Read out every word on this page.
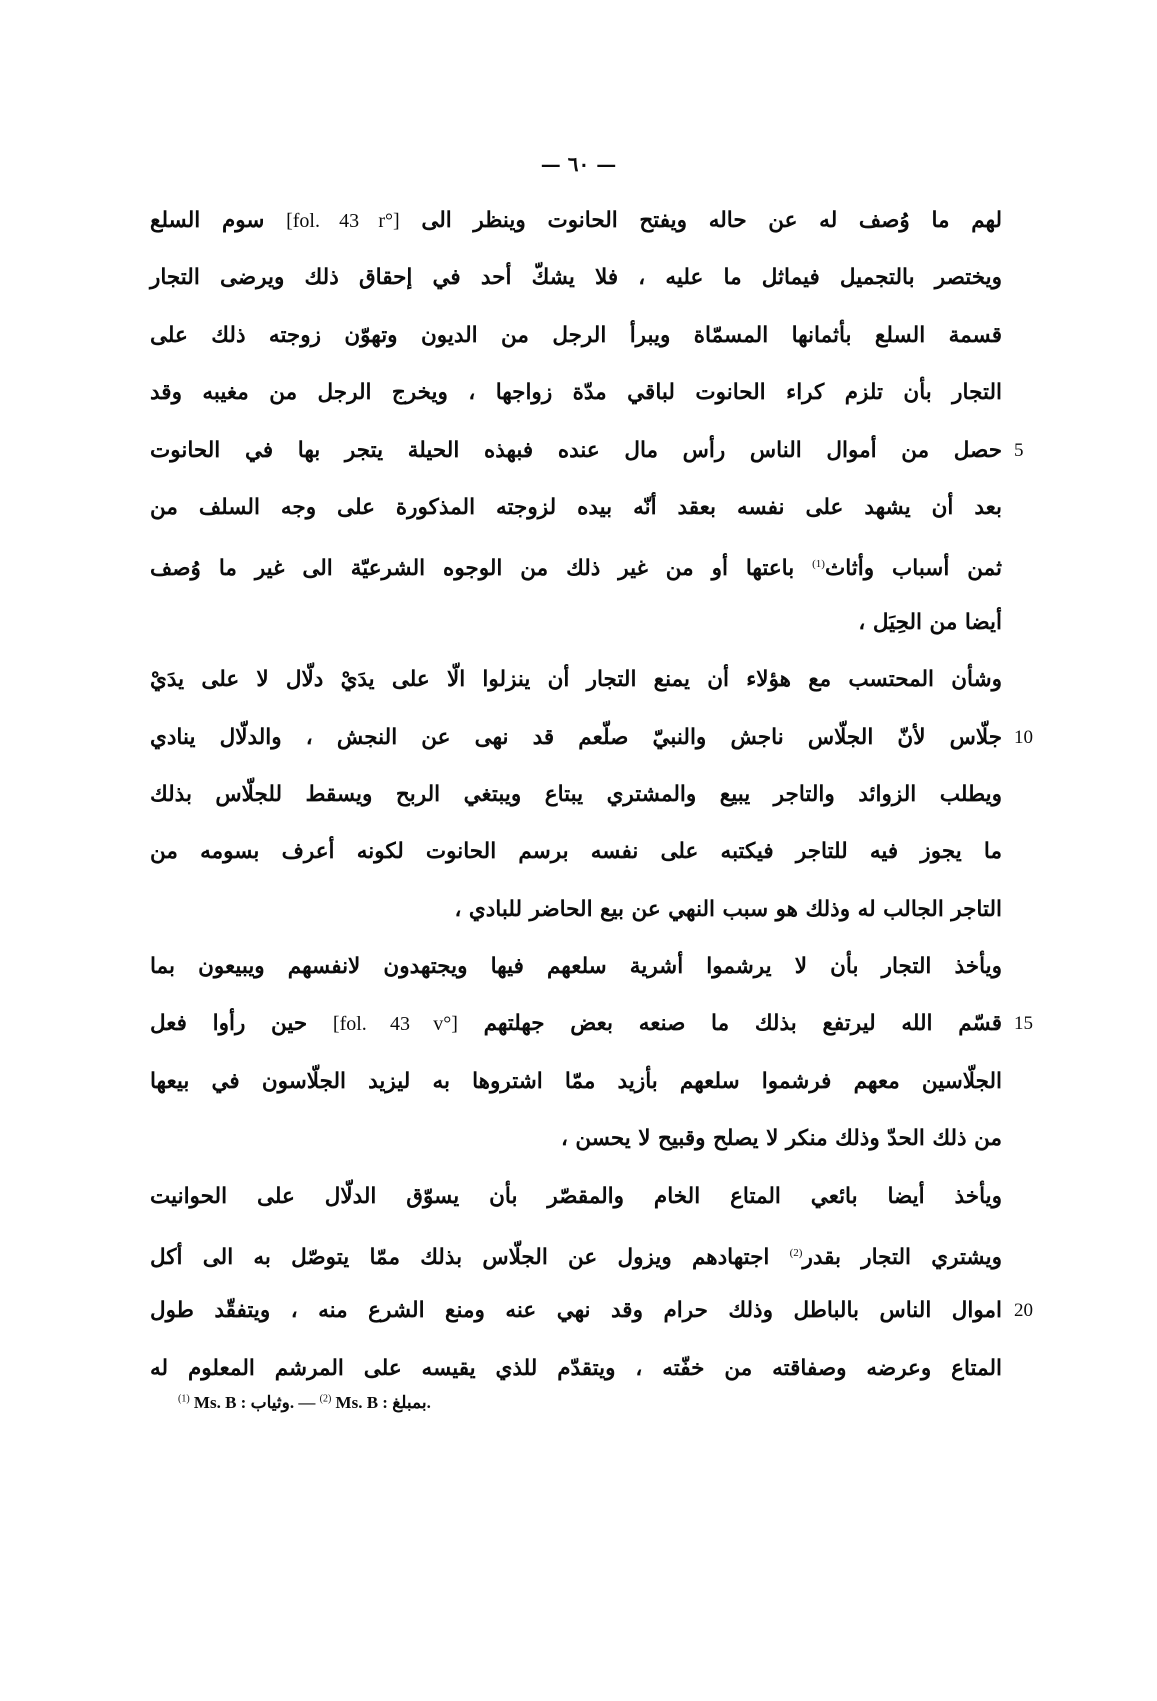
— ٦٠ —
لهم ما وُصف له عن حاله ويفتح الحانوت وينظر الى [fol. 43 r°] سوم السلع
ويختصر بالتجميل فيماثل ما عليه ، فلا يشكّ أحد في إحقاق ذلك ويرضى التجار
قسمة السلع بأثمانها المسمّاة ويبرأ الرجل من الديون وتهوّن زوجته ذلك على
التجار بأن تلزم كراء الحانوت لباقي مدّة زواجها ، ويخرج الرجل من مغيبه وقد
حصل من أموال الناس رأس مال عنده فبهذه الحيلة يتجر بها في الحانوت 5
بعد أن يشهد على نفسه بعقد أنّه بيده لزوجته المذكورة على وجه السلف من
ثمن أسباب وأثاث$^{(1)}$ باعتها أو من غير ذلك من الوجوه الشرعيّة الى غير ما وُصف
أيضا من الحِيَل ،
وشأن المحتسب مع هؤلاء أن يمنع التجار أن ينزلوا الّا على يدَيْ دلّال لا على يدَيْ
جلّاس لأنّ الجلّاس ناجش والنبيّ صلّعم قد نهى عن النجش ، والدلّال ينادي 10
ويطلب الزوائد والتاجر يبيع والمشتري يبتاع ويبتغي الربح ويسقط للجلّاس بذلك
ما يجوز فيه للتاجر فيكتبه على نفسه برسم الحانوت لكونه أعرف بسومه من
التاجر الجالب له وذلك هو سبب النهي عن بيع الحاضر للبادي ،
ويأخذ التجار بأن لا يرشموا أشرية سلعهم فيها ويجتهدون لانفسهم ويبيعون بما
قسّم الله ليرتفع بذلك ما صنعه بعض جهلتهم [fol. 43 v°] حين رأوا فعل	15
الجلّاسين معهم فرشموا سلعهم بأزيد ممّا اشتروها به ليزيد الجلّاسون في بيعها
من ذلك الحدّ وذلك منكر لا يصلح وقبيح لا يحسن ،
ويأخذ أيضا بائعي المتاع الخام والمقصّر بأن يسوّق الدلّال على الحوانيت
ويشتري التجار بقدر$^{(2)}$ اجتهادهم ويزول عن الجلّاس بذلك ممّا يتوصّل به الى أكل
اموال الناس بالباطل وذلك حرام وقد نهي عنه ومنع الشرع منه ، ويتفقّد طول 20
المتاع وعرضه وصفاقته من خفّته ، ويتقدّم للذي يقيسه على المرشم المعلوم له
$^{(1)}$ Ms. B : وثياب. — $^{(2)}$ Ms. B : بمبلغ.
